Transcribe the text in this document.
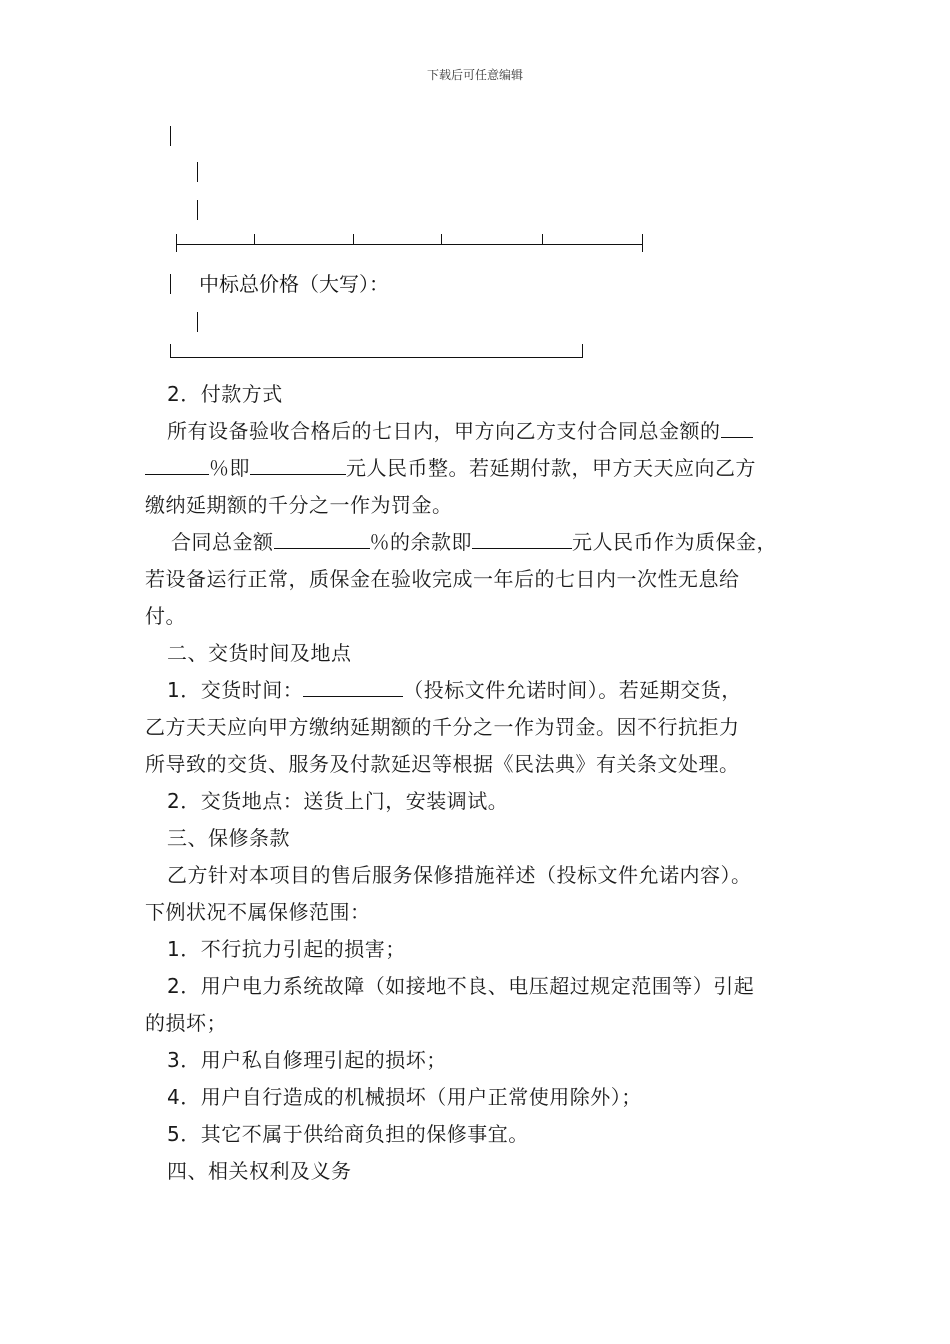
下载后可任意编辑
中标总价格（大写）：

2．付款方式

所有设备验收合格后的七日内，甲方向乙方支付合同总金额的
％即	元人民币整。若延期付款，甲方天天应向乙方
缴纳延期额的千分之一作为罚金。

合同总金额	％的余款即	元人民币作为质保金，
若设备运行正常，质保金在验收完成一年后的七日内一次性无息给
付。

二、交货时间及地点

1．交货时间：	（投标文件允诺时间）。若延期交货，
乙方天天应向甲方缴纳延期额的千分之一作为罚金。因不行抗拒力
所导致的交货、服务及付款延迟等根据《民法典》有关条文处理。

2．交货地点：送货上门，安装调试。

三、保修条款

乙方针对本项目的售后服务保修措施祥述（投标文件允诺内容）。
下例状况不属保修范围：

1．不行抗力引起的损害；

2．用户电力系统故障（如接地不良、电压超过规定范围等）引起
的损坏；

3．用户私自修理引起的损坏；

4．用户自行造成的机械损坏（用户正常使用除外）；

5．其它不属于供给商负担的保修事宜。

四、相关权利及义务
